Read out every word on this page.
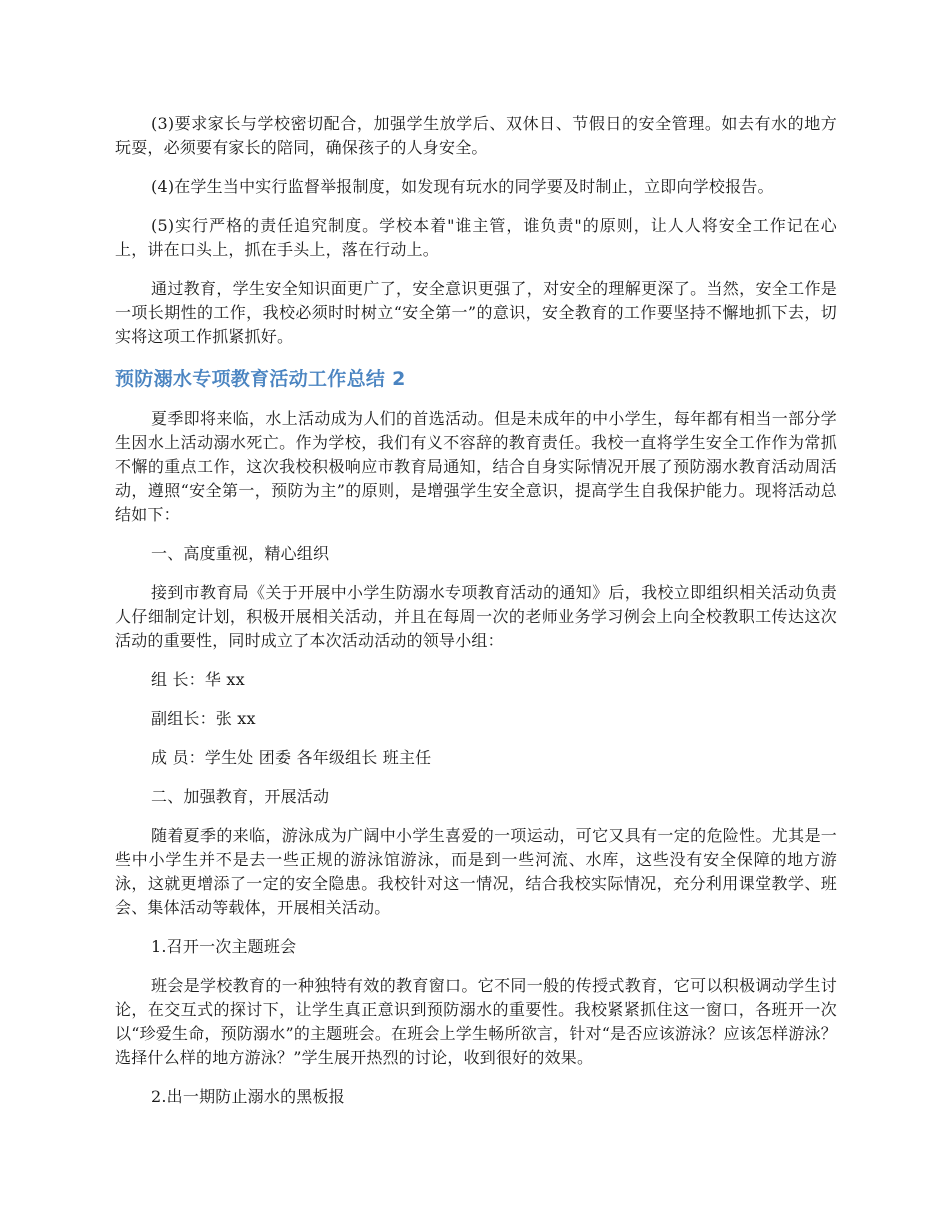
(3)要求家长与学校密切配合，加强学生放学后、双休日、节假日的安全管理。如去有水的地方玩耍，必须要有家长的陪同，确保孩子的人身安全。

(4)在学生当中实行监督举报制度，如发现有玩水的同学要及时制止，立即向学校报告。

(5)实行严格的责任追究制度。学校本着"谁主管，谁负责"的原则，让人人将安全工作记在心上，讲在口头上，抓在手头上，落在行动上。

通过教育，学生安全知识面更广了，安全意识更强了，对安全的理解更深了。当然，安全工作是一项长期性的工作，我校必须时时树立“安全第一”的意识，安全教育的工作要坚持不懈地抓下去，切实将这项工作抓紧抓好。

预防溺水专项教育活动工作总结 2

夏季即将来临，水上活动成为人们的首选活动。但是未成年的中小学生，每年都有相当一部分学生因水上活动溺水死亡。作为学校，我们有义不容辞的教育责任。我校一直将学生安全工作作为常抓不懈的重点工作，这次我校积极响应市教育局通知，结合自身实际情况开展了预防溺水教育活动周活动，遵照“安全第一，预防为主”的原则，是增强学生安全意识，提高学生自我保护能力。现将活动总结如下：

一、高度重视，精心组织

接到市教育局《关于开展中小学生防溺水专项教育活动的通知》后，我校立即组织相关活动负责人仔细制定计划，积极开展相关活动，并且在每周一次的老师业务学习例会上向全校教职工传达这次活动的重要性，同时成立了本次活动活动的领导小组：

组 长：华 xx

副组长：张 xx

成 员：学生处 团委 各年级组长 班主任

二、加强教育，开展活动

随着夏季的来临，游泳成为广阔中小学生喜爱的一项运动，可它又具有一定的危险性。尤其是一些中小学生并不是去一些正规的游泳馆游泳，而是到一些河流、水库，这些没有安全保障的地方游泳，这就更增添了一定的安全隐患。我校针对这一情况，结合我校实际情况，充分利用课堂教学、班会、集体活动等载体，开展相关活动。

1.召开一次主题班会

班会是学校教育的一种独特有效的教育窗口。它不同一般的传授式教育，它可以积极调动学生讨论，在交互式的探讨下，让学生真正意识到预防溺水的重要性。我校紧紧抓住这一窗口，各班开一次以“珍爱生命，预防溺水”的主题班会。在班会上学生畅所欲言，针对“是否应该游泳？应该怎样游泳？选择什么样的地方游泳？”学生展开热烈的讨论，收到很好的效果。

2.出一期防止溺水的黑板报
